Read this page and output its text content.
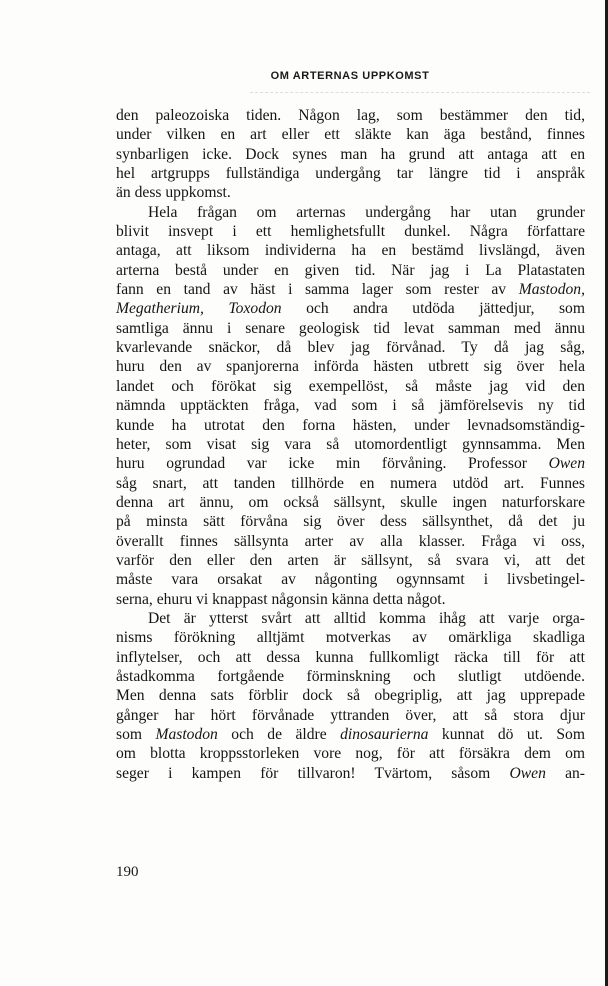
OM ARTERNAS UPPKOMST
den paleozoiska tiden. Någon lag, som bestämmer den tid,
under vilken en art eller ett släkte kan äga bestånd, finnes
synbarligen icke. Dock synes man ha grund att antaga att en
hel artgrupps fullständiga undergång tar längre tid i anspråk
än dess uppkomst.
Hela frågan om arternas undergång har utan grunder
blivit insvept i ett hemlighetsfullt dunkel. Några författare
antaga, att liksom individerna ha en bestämd livslängd, även
arterna bestå under en given tid. När jag i La Platastaten
fann en tand av häst i samma lager som rester av Mastodon,
Megatherium, Toxodon och andra utdöda jättedjur, som
samtliga ännu i senare geologisk tid levat samman med ännu
kvarlevande snäckor, då blev jag förvånad. Ty då jag såg,
huru den av spanjorerna införda hästen utbrett sig över hela
landet och förökat sig exempellöst, så måste jag vid den
nämnda upptäckten fråga, vad som i så jämförelsevis ny tid
kunde ha utrotat den forna hästen, under levnadsomständig-
heter, som visat sig vara så utomordentligt gynnsamma. Men
huru ogrundad var icke min förvåning. Professor Owen
såg snart, att tanden tillhörde en numera utdöd art. Funnes
denna art ännu, om också sällsynt, skulle ingen naturforskare
på minsta sätt förvåna sig över dess sällsynthet, då det ju
överallt finnes sällsynta arter av alla klasser. Fråga vi oss,
varför den eller den arten är sällsynt, så svara vi, att det
måste vara orsakat av någonting ogynnsamt i livsbetingel-
serna, ehuru vi knappast någonsin känna detta något.
Det är ytterst svårt att alltid komma ihåg att varje orga-
nisms förökning alltjämt motverkas av omärkliga skadliga
inflytelser, och att dessa kunna fullkomligt räcka till för att
åstadkomma fortgående förminskning och slutligt utdöende.
Men denna sats förblir dock så obegriplig, att jag upprepade
gånger har hört förvånade yttranden över, att så stora djur
som Mastodon och de äldre dinosaurierna kunnat dö ut. Som
om blotta kroppsstorleken vore nog, för att försäkra dem om
seger i kampen för tillvaron! Tvärtom, såsom Owen an-
190
